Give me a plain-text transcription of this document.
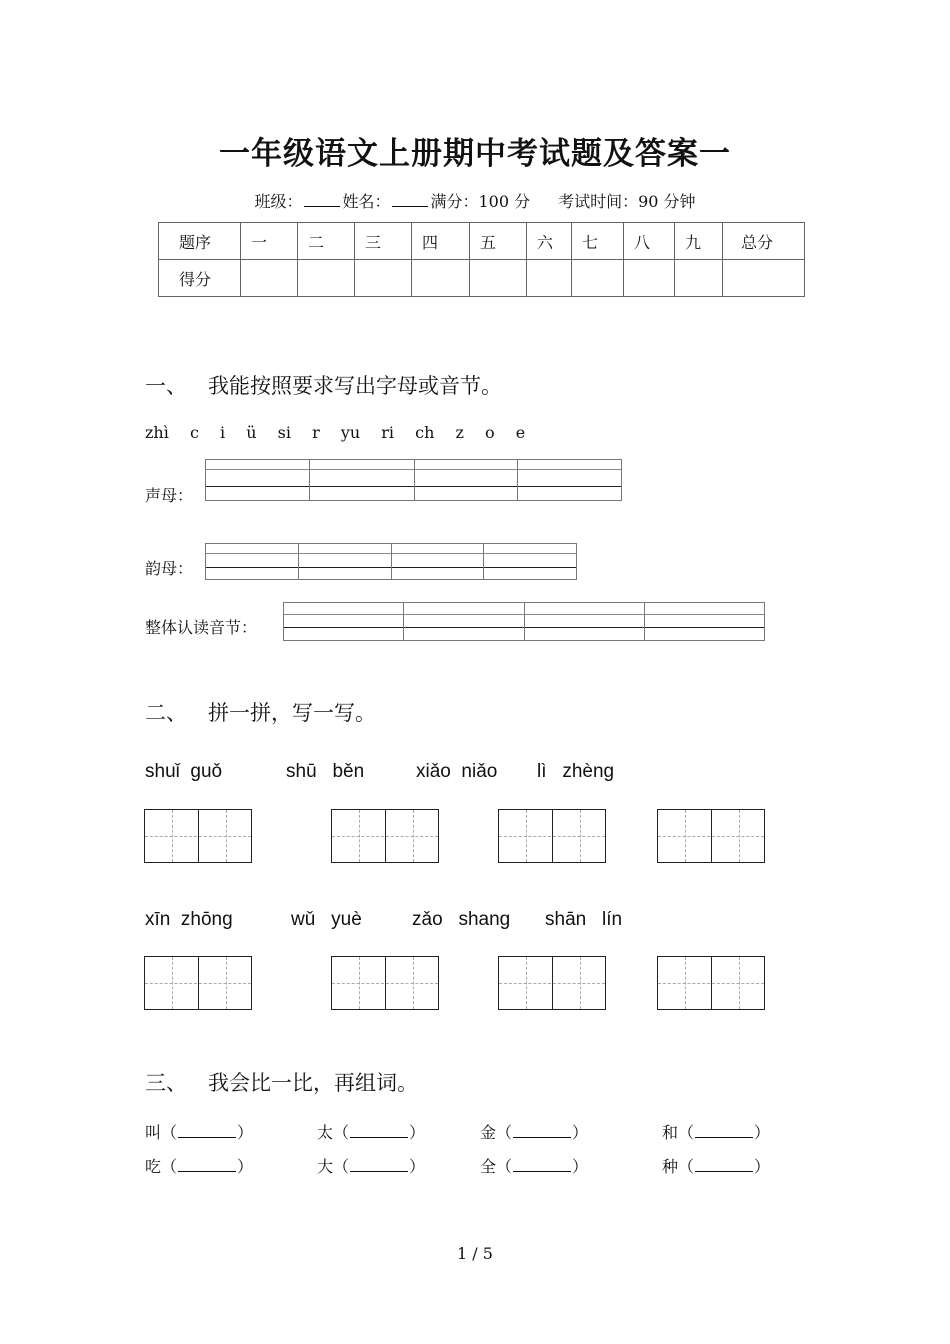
一年级语文上册期中考试题及答案一
班级：	姓名：	满分：100 分 考试时间：90 分钟
题序	一	二	三	四	五	六	七	八	九	总分
得分										
一、 我能按照要求写出字母或音节。
zhì c i ü si r yu ri ch z o e
声母：
韵母：
整体认读音节：
二、 拼一拼，写一写。
shuǐ  guǒ	shū   běn	xiǎo  niǎo lì   zhèng
xīn  zhōng	wǔ   yuè	zǎo   shang shān   lín
三、 我会比一比，再组词。
叫（	）	太（	）	金（	）	和（	）
吃（	）	大（	）	全（	）	种（	）
1 / 5
